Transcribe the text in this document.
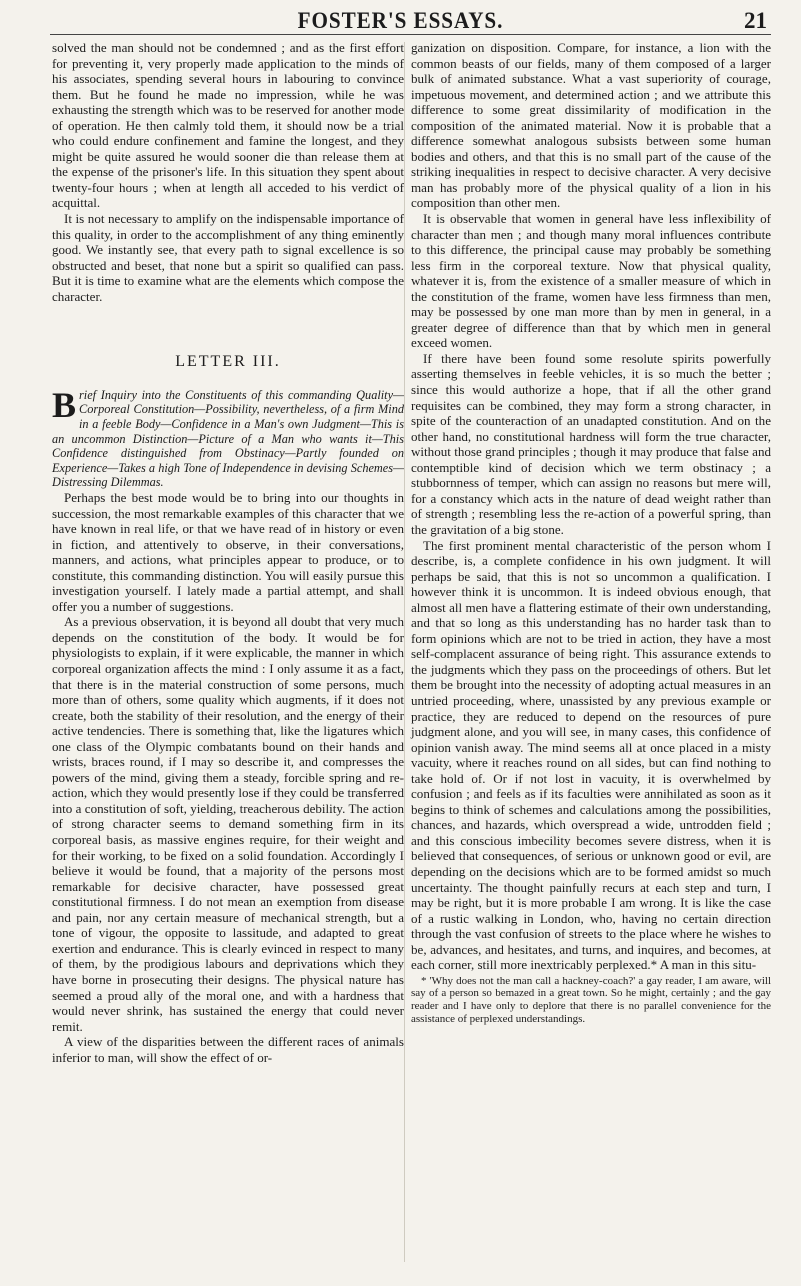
FOSTER'S ESSAYS.	21

solved the man should not be condemned ; and as the first effort for preventing it, very properly made application to the minds of his associates, spending several hours in labouring to convince them. But he found he made no impression, while he was exhausting the strength which was to be reserved for another mode of operation. He then calmly told them, it should now be a trial who could endure confinement and famine the longest, and they might be quite assured he would sooner die than release them at the expense of the prisoner's life. In this situation they spent about twenty-four hours ; when at length all acceded to his verdict of acquittal.

It is not necessary to amplify on the indispensable importance of this quality, in order to the accomplishment of any thing eminently good. We instantly see, that every path to signal excellence is so obstructed and beset, that none but a spirit so qualified can pass. But it is time to examine what are the elements which compose the character.

LETTER III.

Brief Inquiry into the Constituents of this commanding Quality—Corporeal Constitution—Possibility, nevertheless, of a firm Mind in a feeble Body—Confidence in a Man's own Judgment—This is an uncommon Distinction—Picture of a Man who wants it—This Confidence distinguished from Obstinacy—Partly founded on Experience—Takes a high Tone of Independence in devising Schemes—Distressing Dilemmas.

Perhaps the best mode would be to bring into our thoughts in succession, the most remarkable examples of this character that we have known in real life, or that we have read of in history or even in fiction, and attentively to observe, in their conversations, manners, and actions, what principles appear to produce, or to constitute, this commanding distinction. You will easily pursue this investigation yourself. I lately made a partial attempt, and shall offer you a number of suggestions.

As a previous observation, it is beyond all doubt that very much depends on the constitution of the body. It would be for physiologists to explain, if it were explicable, the manner in which corporeal organization affects the mind : I only assume it as a fact, that there is in the material construction of some persons, much more than of others, some quality which augments, if it does not create, both the stability of their resolution, and the energy of their active tendencies. There is something that, like the ligatures which one class of the Olympic combatants bound on their hands and wrists, braces round, if I may so describe it, and compresses the powers of the mind, giving them a steady, forcible spring and re-action, which they would presently lose if they could be transferred into a constitution of soft, yielding, treacherous debility. The action of strong character seems to demand something firm in its corporeal basis, as massive engines require, for their weight and for their working, to be fixed on a solid foundation. Accordingly I believe it would be found, that a majority of the persons most remarkable for decisive character, have possessed great constitutional firmness. I do not mean an exemption from disease and pain, nor any certain measure of mechanical strength, but a tone of vigour, the opposite to lassitude, and adapted to great exertion and endurance. This is clearly evinced in respect to many of them, by the prodigious labours and deprivations which they have borne in prosecuting their designs. The physical nature has seemed a proud ally of the moral one, and with a hardness that would never shrink, has sustained the energy that could never remit.

A view of the disparities between the different races of animals inferior to man, will show the effect of or-

ganization on disposition. Compare, for instance, a lion with the common beasts of our fields, many of them composed of a larger bulk of animated substance. What a vast superiority of courage, impetuous movement, and determined action ; and we attribute this difference to some great dissimilarity of modification in the composition of the animated material. Now it is probable that a difference somewhat analogous subsists between some human bodies and others, and that this is no small part of the cause of the striking inequalities in respect to decisive character. A very decisive man has probably more of the physical quality of a lion in his composition than other men.

It is observable that women in general have less inflexibility of character than men ; and though many moral influences contribute to this difference, the principal cause may probably be something less firm in the corporeal texture. Now that physical quality, whatever it is, from the existence of a smaller measure of which in the constitution of the frame, women have less firmness than men, may be possessed by one man more than by men in general, in a greater degree of difference than that by which men in general exceed women.

If there have been found some resolute spirits powerfully asserting themselves in feeble vehicles, it is so much the better ; since this would authorize a hope, that if all the other grand requisites can be combined, they may form a strong character, in spite of the counteraction of an unadapted constitution. And on the other hand, no constitutional hardness will form the true character, without those grand principles ; though it may produce that false and contemptible kind of decision which we term obstinacy ; a stubbornness of temper, which can assign no reasons but mere will, for a constancy which acts in the nature of dead weight rather than of strength ; resembling less the re-action of a powerful spring, than the gravitation of a big stone.

The first prominent mental characteristic of the person whom I describe, is, a complete confidence in his own judgment. It will perhaps be said, that this is not so uncommon a qualification. I however think it is uncommon. It is indeed obvious enough, that almost all men have a flattering estimate of their own understanding, and that so long as this understanding has no harder task than to form opinions which are not to be tried in action, they have a most self-complacent assurance of being right. This assurance extends to the judgments which they pass on the proceedings of others. But let them be brought into the necessity of adopting actual measures in an untried proceeding, where, unassisted by any previous example or practice, they are reduced to depend on the resources of pure judgment alone, and you will see, in many cases, this confidence of opinion vanish away. The mind seems all at once placed in a misty vacuity, where it reaches round on all sides, but can find nothing to take hold of. Or if not lost in vacuity, it is overwhelmed by confusion ; and feels as if its faculties were annihilated as soon as it begins to think of schemes and calculations among the possibilities, chances, and hazards, which overspread a wide, untrodden field ; and this conscious imbecility becomes severe distress, when it is believed that consequences, of serious or unknown good or evil, are depending on the decisions which are to be formed amidst so much uncertainty. The thought painfully recurs at each step and turn, I may be right, but it is more probable I am wrong. It is like the case of a rustic walking in London, who, having no certain direction through the vast confusion of streets to the place where he wishes to be, advances, and hesitates, and turns, and inquires, and becomes, at each corner, still more inextricably perplexed.* A man in this situ-

* 'Why does not the man call a hackney-coach?' a gay reader, I am aware, will say of a person so bemazed in a great town. So he might, certainly ; and the gay reader and I have only to deplore that there is no parallel convenience for the assistance of perplexed understandings.
